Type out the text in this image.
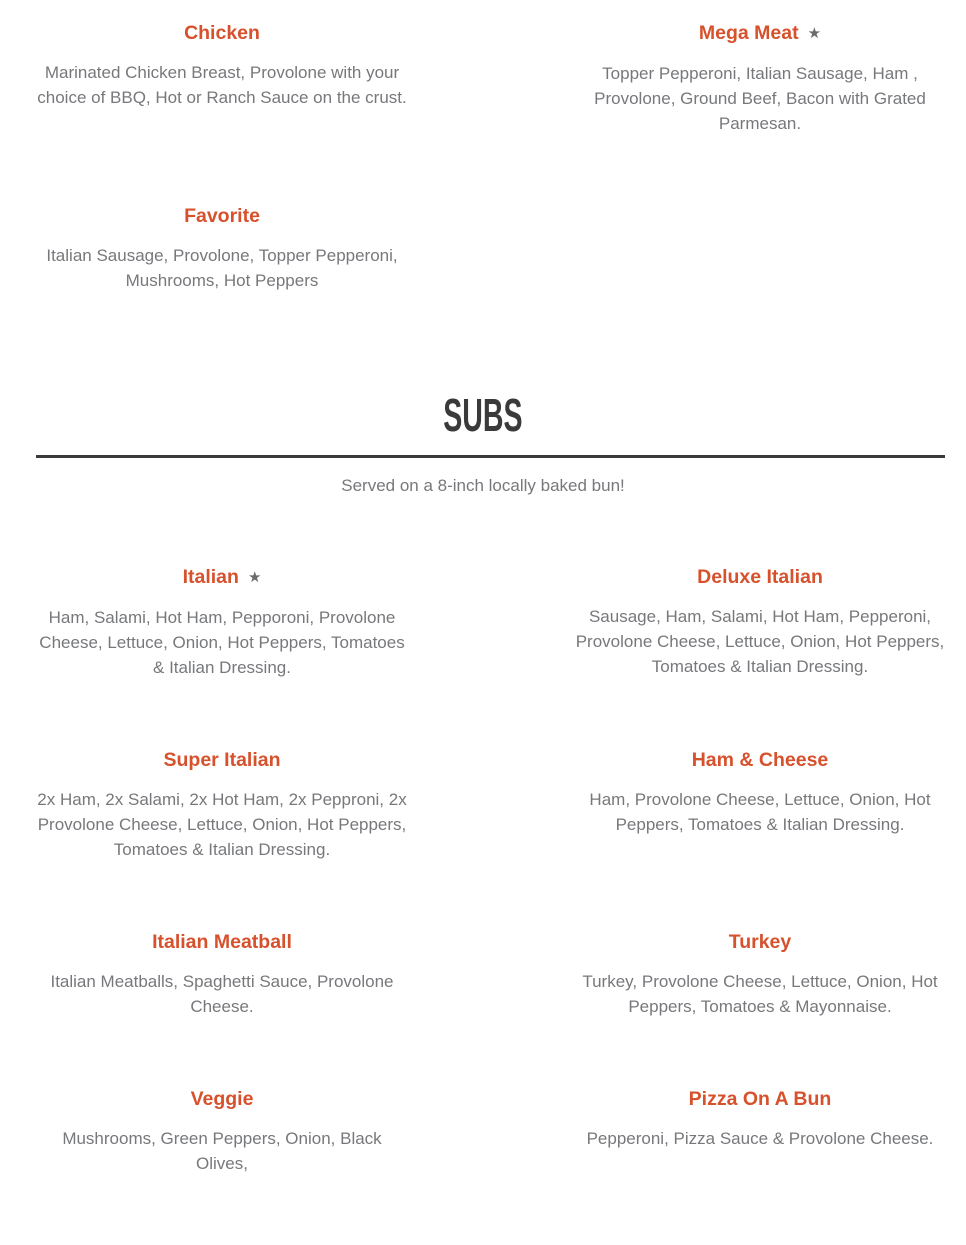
Chicken

Marinated Chicken Breast, Provolone with your choice of BBQ, Hot or Ranch Sauce on the crust.

Mega Meat ★

Topper Pepperoni, Italian Sausage, Ham , Provolone, Ground Beef, Bacon with Grated Parmesan.

Favorite

Italian Sausage, Provolone, Topper Pepperoni, Mushrooms, Hot Peppers

SUBS

Served on a 8-inch locally baked bun!

Italian ★

Ham, Salami, Hot Ham, Pepporoni, Provolone Cheese, Lettuce, Onion, Hot Peppers, Tomatoes & Italian Dressing.

Deluxe Italian

Sausage, Ham, Salami, Hot Ham, Pepperoni, Provolone Cheese, Lettuce, Onion, Hot Peppers, Tomatoes & Italian Dressing.

Super Italian

2x Ham, 2x Salami, 2x Hot Ham, 2x Pepproni, 2x Provolone Cheese, Lettuce, Onion, Hot Peppers, Tomatoes & Italian Dressing.

Ham & Cheese

Ham, Provolone Cheese, Lettuce, Onion, Hot Peppers, Tomatoes & Italian Dressing.

Italian Meatball

Italian Meatballs, Spaghetti Sauce, Provolone Cheese.

Turkey

Turkey, Provolone Cheese, Lettuce, Onion, Hot Peppers, Tomatoes & Mayonnaise.

Veggie

Mushrooms, Green Peppers, Onion, Black Olives,

Pizza On A Bun

Pepperoni, Pizza Sauce & Provolone Cheese.
